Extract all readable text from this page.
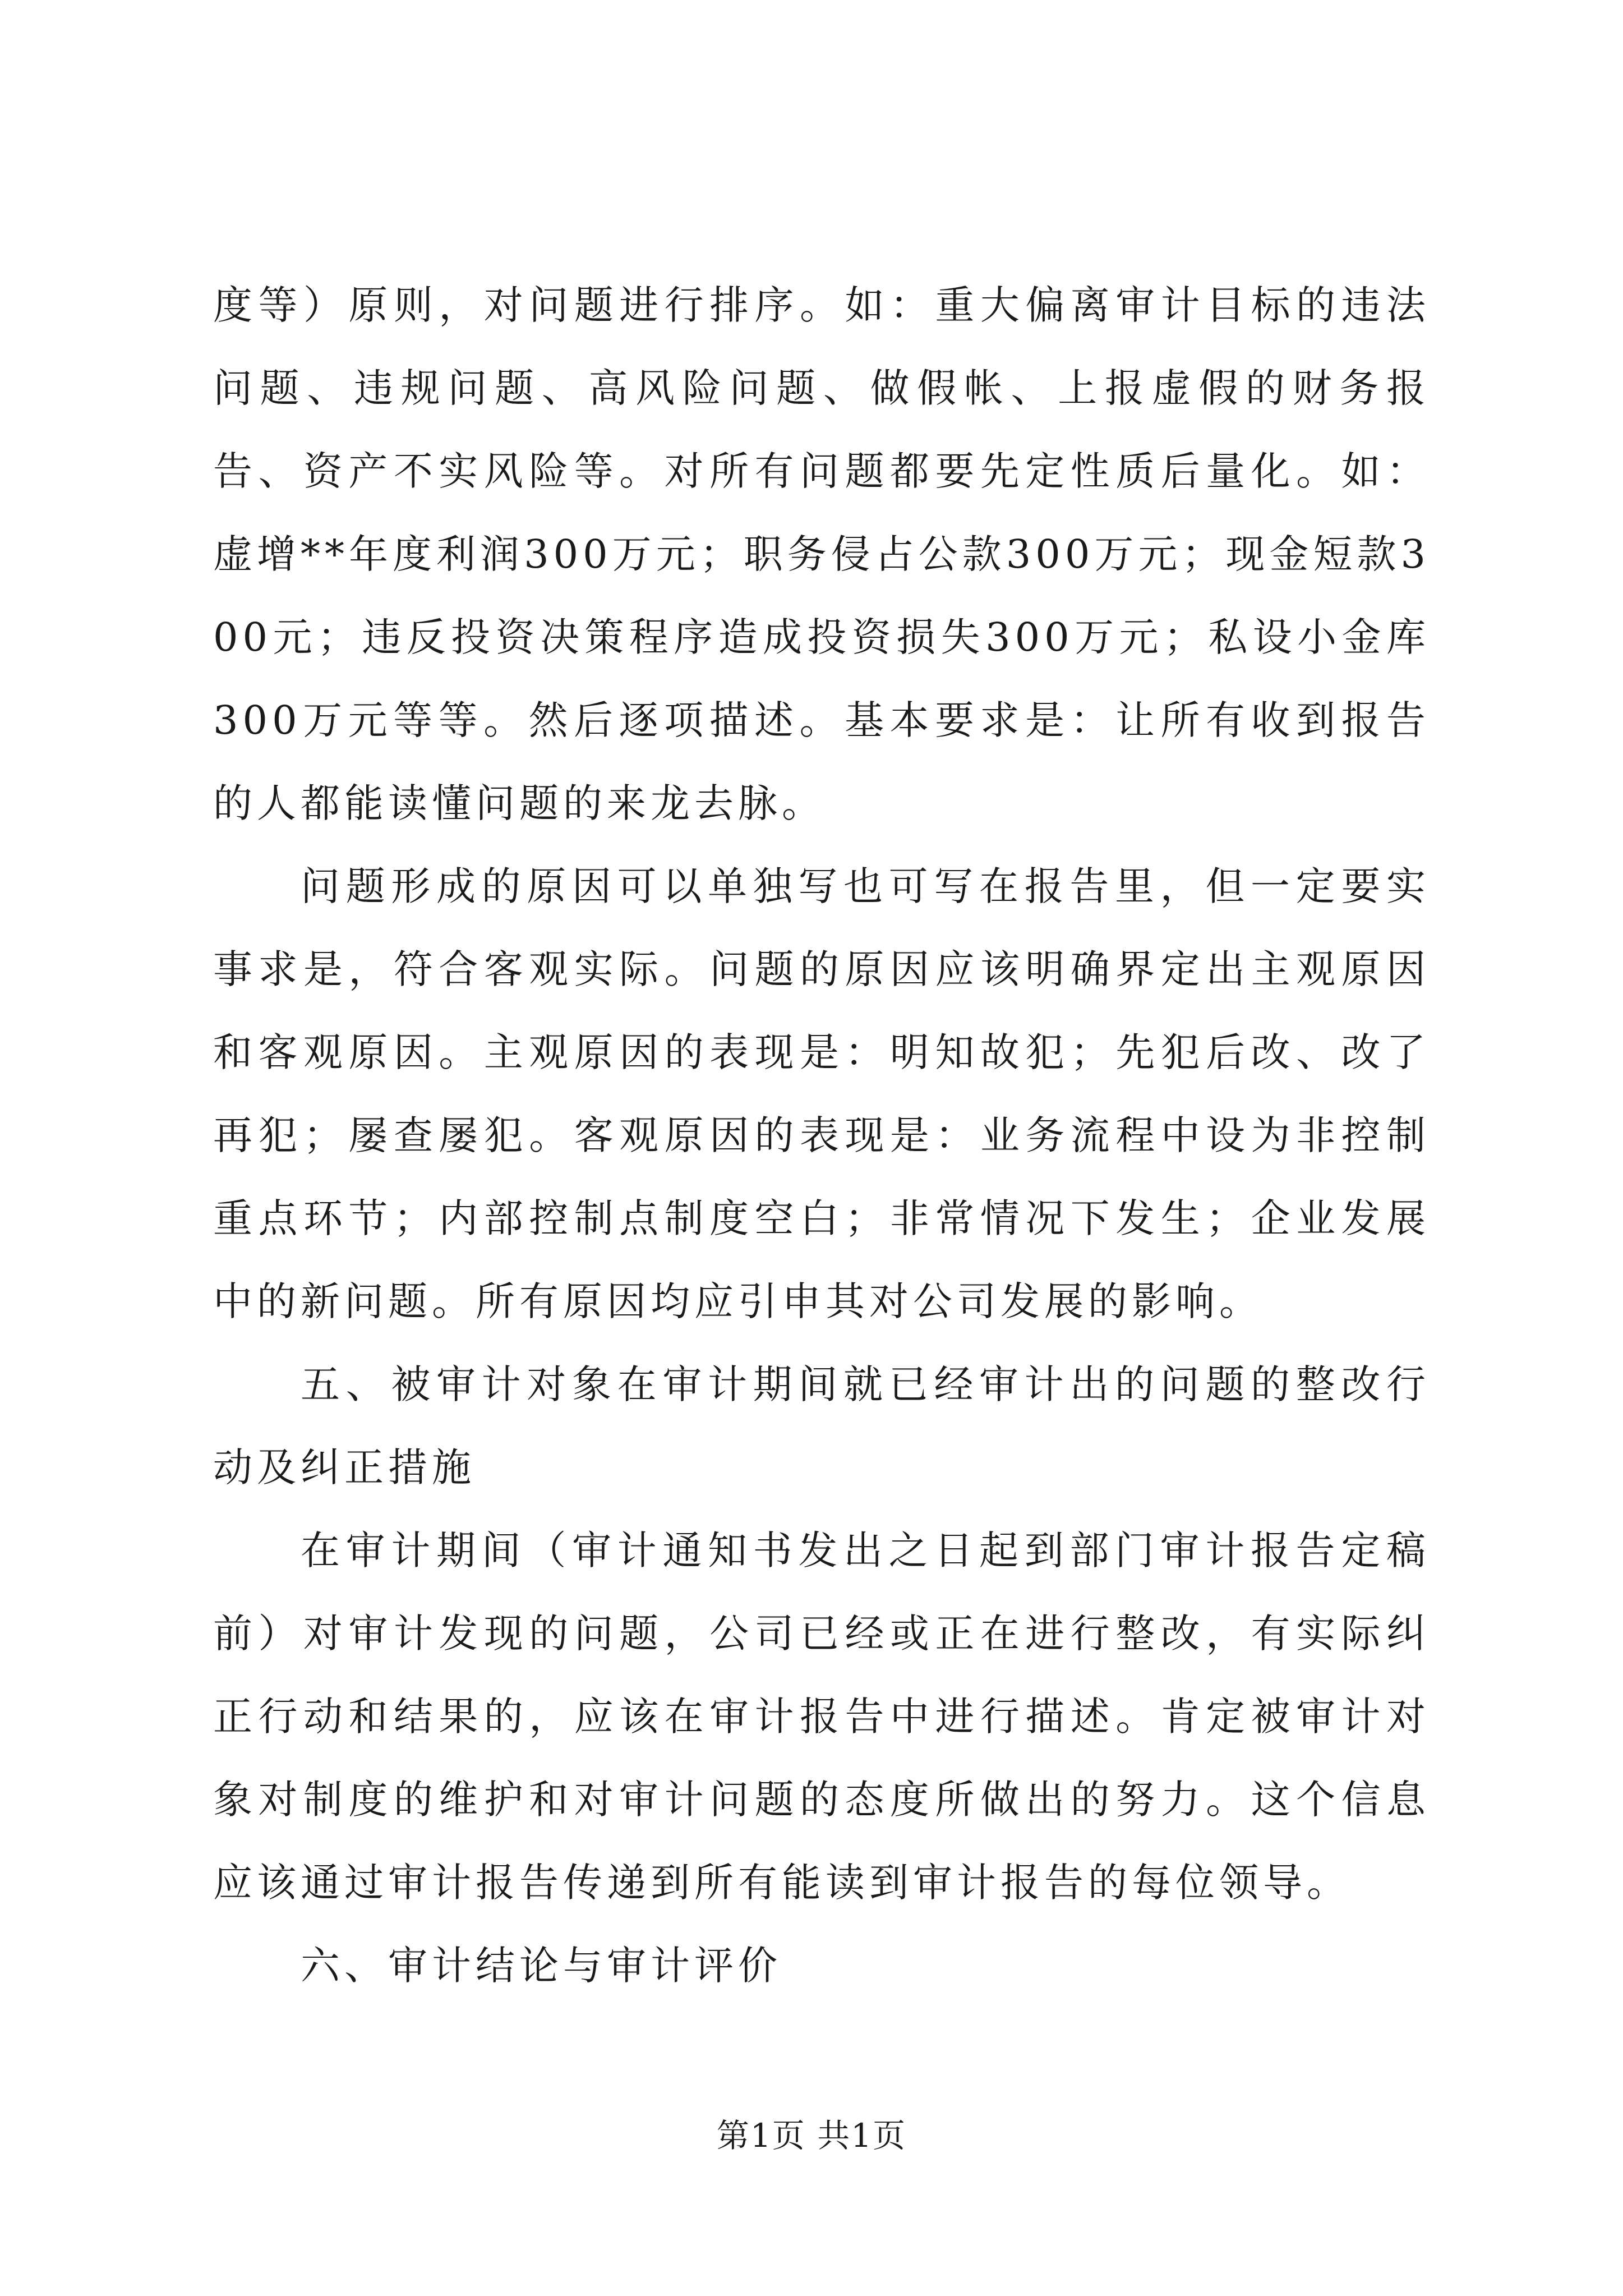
度等）原则，对问题进行排序。如：重大偏离审计目标的违法问题、违规问题、高风险问题、做假帐、上报虚假的财务报告、资产不实风险等。对所有问题都要先定性质后量化。如：虚增**年度利润300万元；职务侵占公款300万元；现金短款300元；违反投资决策程序造成投资损失300万元；私设小金库300万元等等。然后逐项描述。基本要求是：让所有收到报告的人都能读懂问题的来龙去脉。

问题形成的原因可以单独写也可写在报告里，但一定要实事求是，符合客观实际。问题的原因应该明确界定出主观原因和客观原因。主观原因的表现是：明知故犯；先犯后改、改了再犯；屡查屡犯。客观原因的表现是：业务流程中设为非控制重点环节；内部控制点制度空白；非常情况下发生；企业发展中的新问题。所有原因均应引申其对公司发展的影响。

五、被审计对象在审计期间就已经审计出的问题的整改行动及纠正措施

在审计期间（审计通知书发出之日起到部门审计报告定稿前）对审计发现的问题，公司已经或正在进行整改，有实际纠正行动和结果的，应该在审计报告中进行描述。肯定被审计对象对制度的维护和对审计问题的态度所做出的努力。这个信息应该通过审计报告传递到所有能读到审计报告的每位领导。

六、审计结论与审计评价

第1页 共1页
